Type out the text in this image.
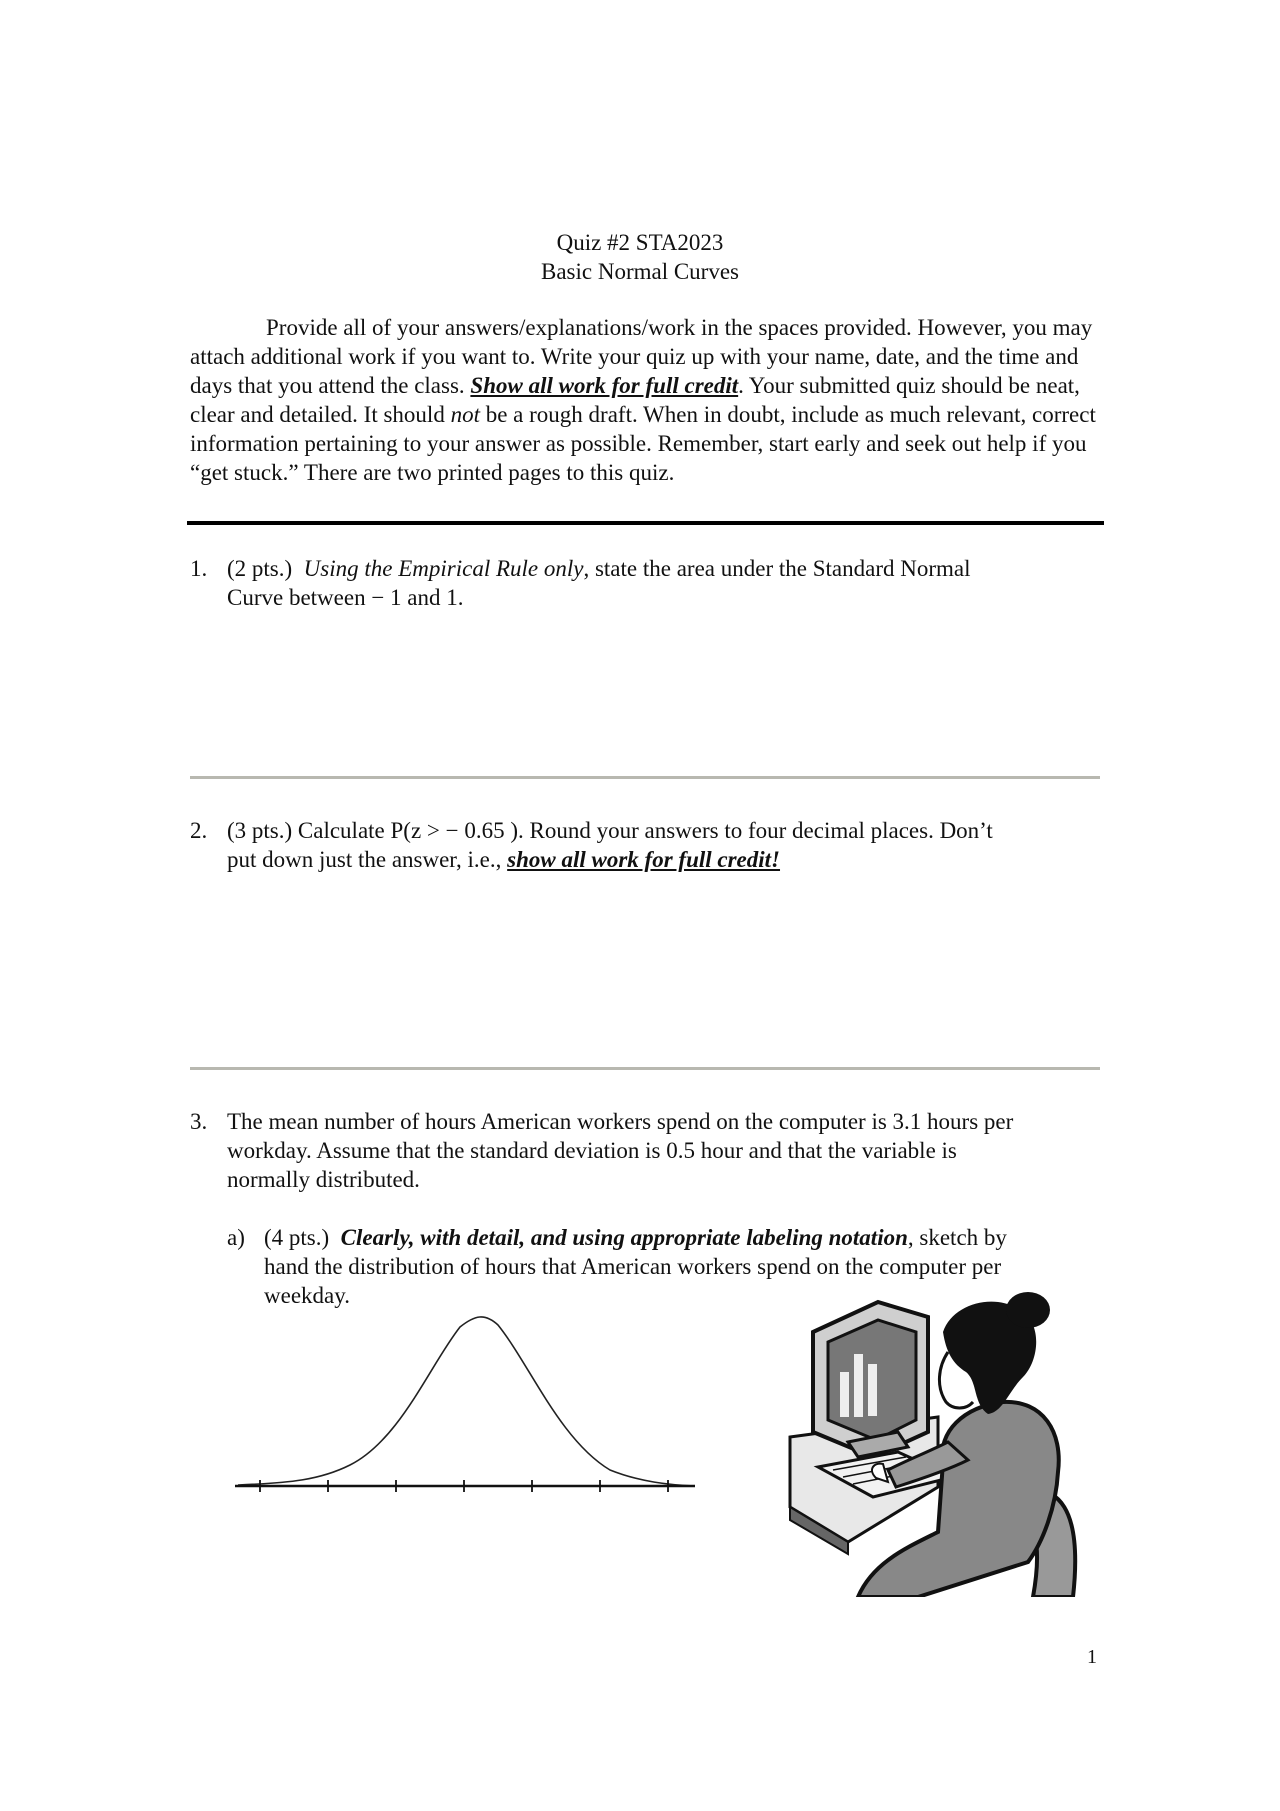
Quiz #2 STA2023
Basic Normal Curves

Provide all of your answers/explanations/work in the spaces provided. However, you may attach additional work if you want to. Write your quiz up with your name, date, and the time and days that you attend the class. Show all work for full credit. Your submitted quiz should be neat, clear and detailed. It should not be a rough draft. When in doubt, include as much relevant, correct information pertaining to your answer as possible. Remember, start early and seek out help if you “get stuck.” There are two printed pages to this quiz.

1. (2 pts.) Using the Empirical Rule only, state the area under the Standard Normal
Curve between − 1 and 1.
2. (3 pts.) Calculate P(z > − 0.65 ). Round your answers to four decimal places. Don’t
put down just the answer, i.e., show all work for full credit!
3. The mean number of hours American workers spend on the computer is 3.1 hours per
workday. Assume that the standard deviation is 0.5 hour and that the variable is
normally distributed.
a) (4 pts.) Clearly, with detail, and using appropriate labeling notation, sketch by
hand the distribution of hours that American workers spend on the computer per
weekday.
1
